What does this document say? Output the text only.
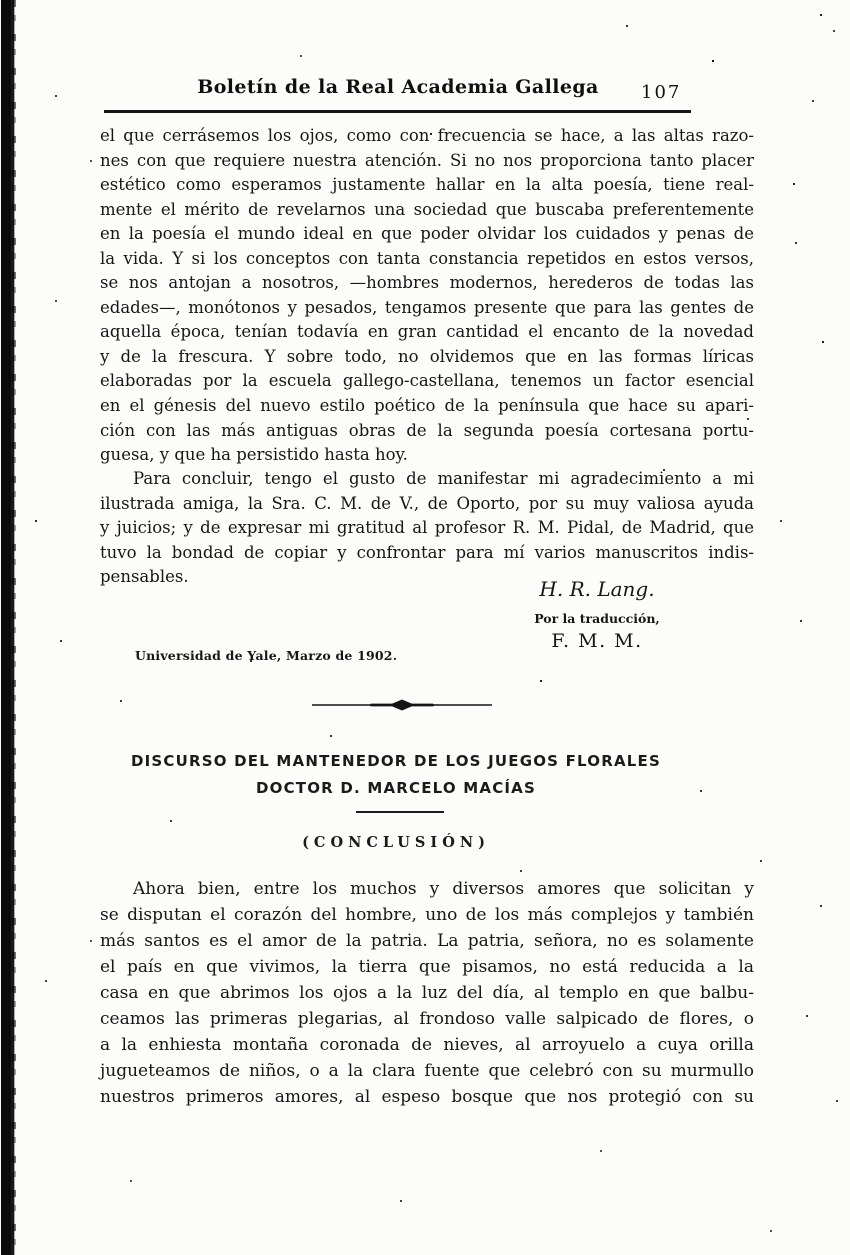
Boletín de la Real Academia Gallega	107
el que cerrásemos los ojos, como con frecuencia se hace, a las altas razo-
nes con que requiere nuestra atención. Si no nos proporciona tanto placer
estético como esperamos justamente hallar en la alta poesía, tiene real-
mente el mérito de revelarnos una sociedad que buscaba preferentemente
en la poesía el mundo ideal en que poder olvidar los cuidados y penas de
la vida. Y si los conceptos con tanta constancia repetidos en estos versos,
se nos antojan a nosotros, —hombres modernos, herederos de todas las
edades—, monótonos y pesados, tengamos presente que para las gentes de
aquella época, tenían todavía en gran cantidad el encanto de la novedad
y de la frescura. Y sobre todo, no olvidemos que en las formas líricas
elaboradas por la escuela gallego-castellana, tenemos un factor esencial
en el génesis del nuevo estilo poético de la península que hace su apari-
ción con las más antiguas obras de la segunda poesía cortesana portu-
guesa, y que ha persistido hasta hoy.
Para concluir, tengo el gusto de manifestar mi agradecimiento a mi
ilustrada amiga, la Sra. C. M. de V., de Oporto, por su muy valiosa ayuda
y juicios; y de expresar mi gratitud al profesor R. M. Pidal, de Madrid, que
tuvo la bondad de copiar y confrontar para mí varios manuscritos indis-
pensables.
H. R. Lang.
Por la traducción,
F. M. M.
Universidad de Yale, Marzo de 1902.
DISCURSO DEL MANTENEDOR DE LOS JUEGOS FLORALES
DOCTOR D. MARCELO MACÍAS
(CONCLUSIÓN)
Ahora bien, entre los muchos y diversos amores que solicitan y
se disputan el corazón del hombre, uno de los más complejos y también
más santos es el amor de la patria. La patria, señora, no es solamente
el país en que vivimos, la tierra que pisamos, no está reducida a la
casa en que abrimos los ojos a la luz del día, al templo en que balbu-
ceamos las primeras plegarias, al frondoso valle salpicado de flores, o
a la enhiesta montaña coronada de nieves, al arroyuelo a cuya orilla
jugueteamos de niños, o a la clara fuente que celebró con su murmullo
nuestros primeros amores, al espeso bosque que nos protegió con su
